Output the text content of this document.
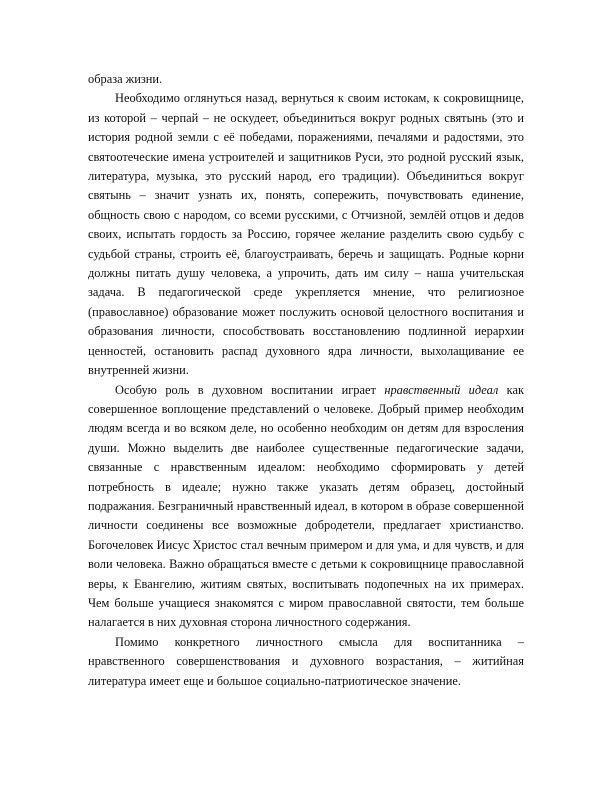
образа жизни.

Необходимо оглянуться назад, вернуться к своим истокам, к сокровищнице, из которой – черпай – не оскудеет, объединиться вокруг родных святынь (это и история родной земли с её победами, поражениями, печалями и радостями, это святоотеческие имена устроителей и защитников Руси, это родной русский язык, литература, музыка, это русский народ, его традиции). Объединиться вокруг святынь – значит узнать их, понять, сопережить, почувствовать единение, общность свою с народом, со всеми русскими, с Отчизной, землёй отцов и дедов своих, испытать гордость за Россию, горячее желание разделить свою судьбу с судьбой страны, строить её, благоустраивать, беречь и защищать. Родные корни должны питать душу человека, а упрочить, дать им силу – наша учительская задача. В педагогической среде укрепляется мнение, что религиозное (православное) образование может послужить основой целостного воспитания и образования личности, способствовать восстановлению подлинной иерархии ценностей, остановить распад духовного ядра личности, выхолащивание ее внутренней жизни.

Особую роль в духовном воспитании играет нравственный идеал как совершенное воплощение представлений о человеке. Добрый пример необходим людям всегда и во всяком деле, но особенно необходим он детям для взросления души. Можно выделить две наиболее существенные педагогические задачи, связанные с нравственным идеалом: необходимо сформировать у детей потребность в идеале; нужно также указать детям образец, достойный подражания. Безграничный нравственный идеал, в котором в образе совершенной личности соединены все возможные добродетели, предлагает христианство. Богочеловек Иисус Христос стал вечным примером и для ума, и для чувств, и для воли человека. Важно обращаться вместе с детьми к сокровищнице православной веры, к Евангелию, житиям святых, воспитывать подопечных на их примерах. Чем больше учащиеся знакомятся с миром православной святости, тем больше налагается в них духовная сторона личностного содержания.

Помимо конкретного личностного смысла для воспитанника – нравственного совершенствования и духовного возрастания, – житийная литература имеет еще и большое социально-патриотическое значение.
